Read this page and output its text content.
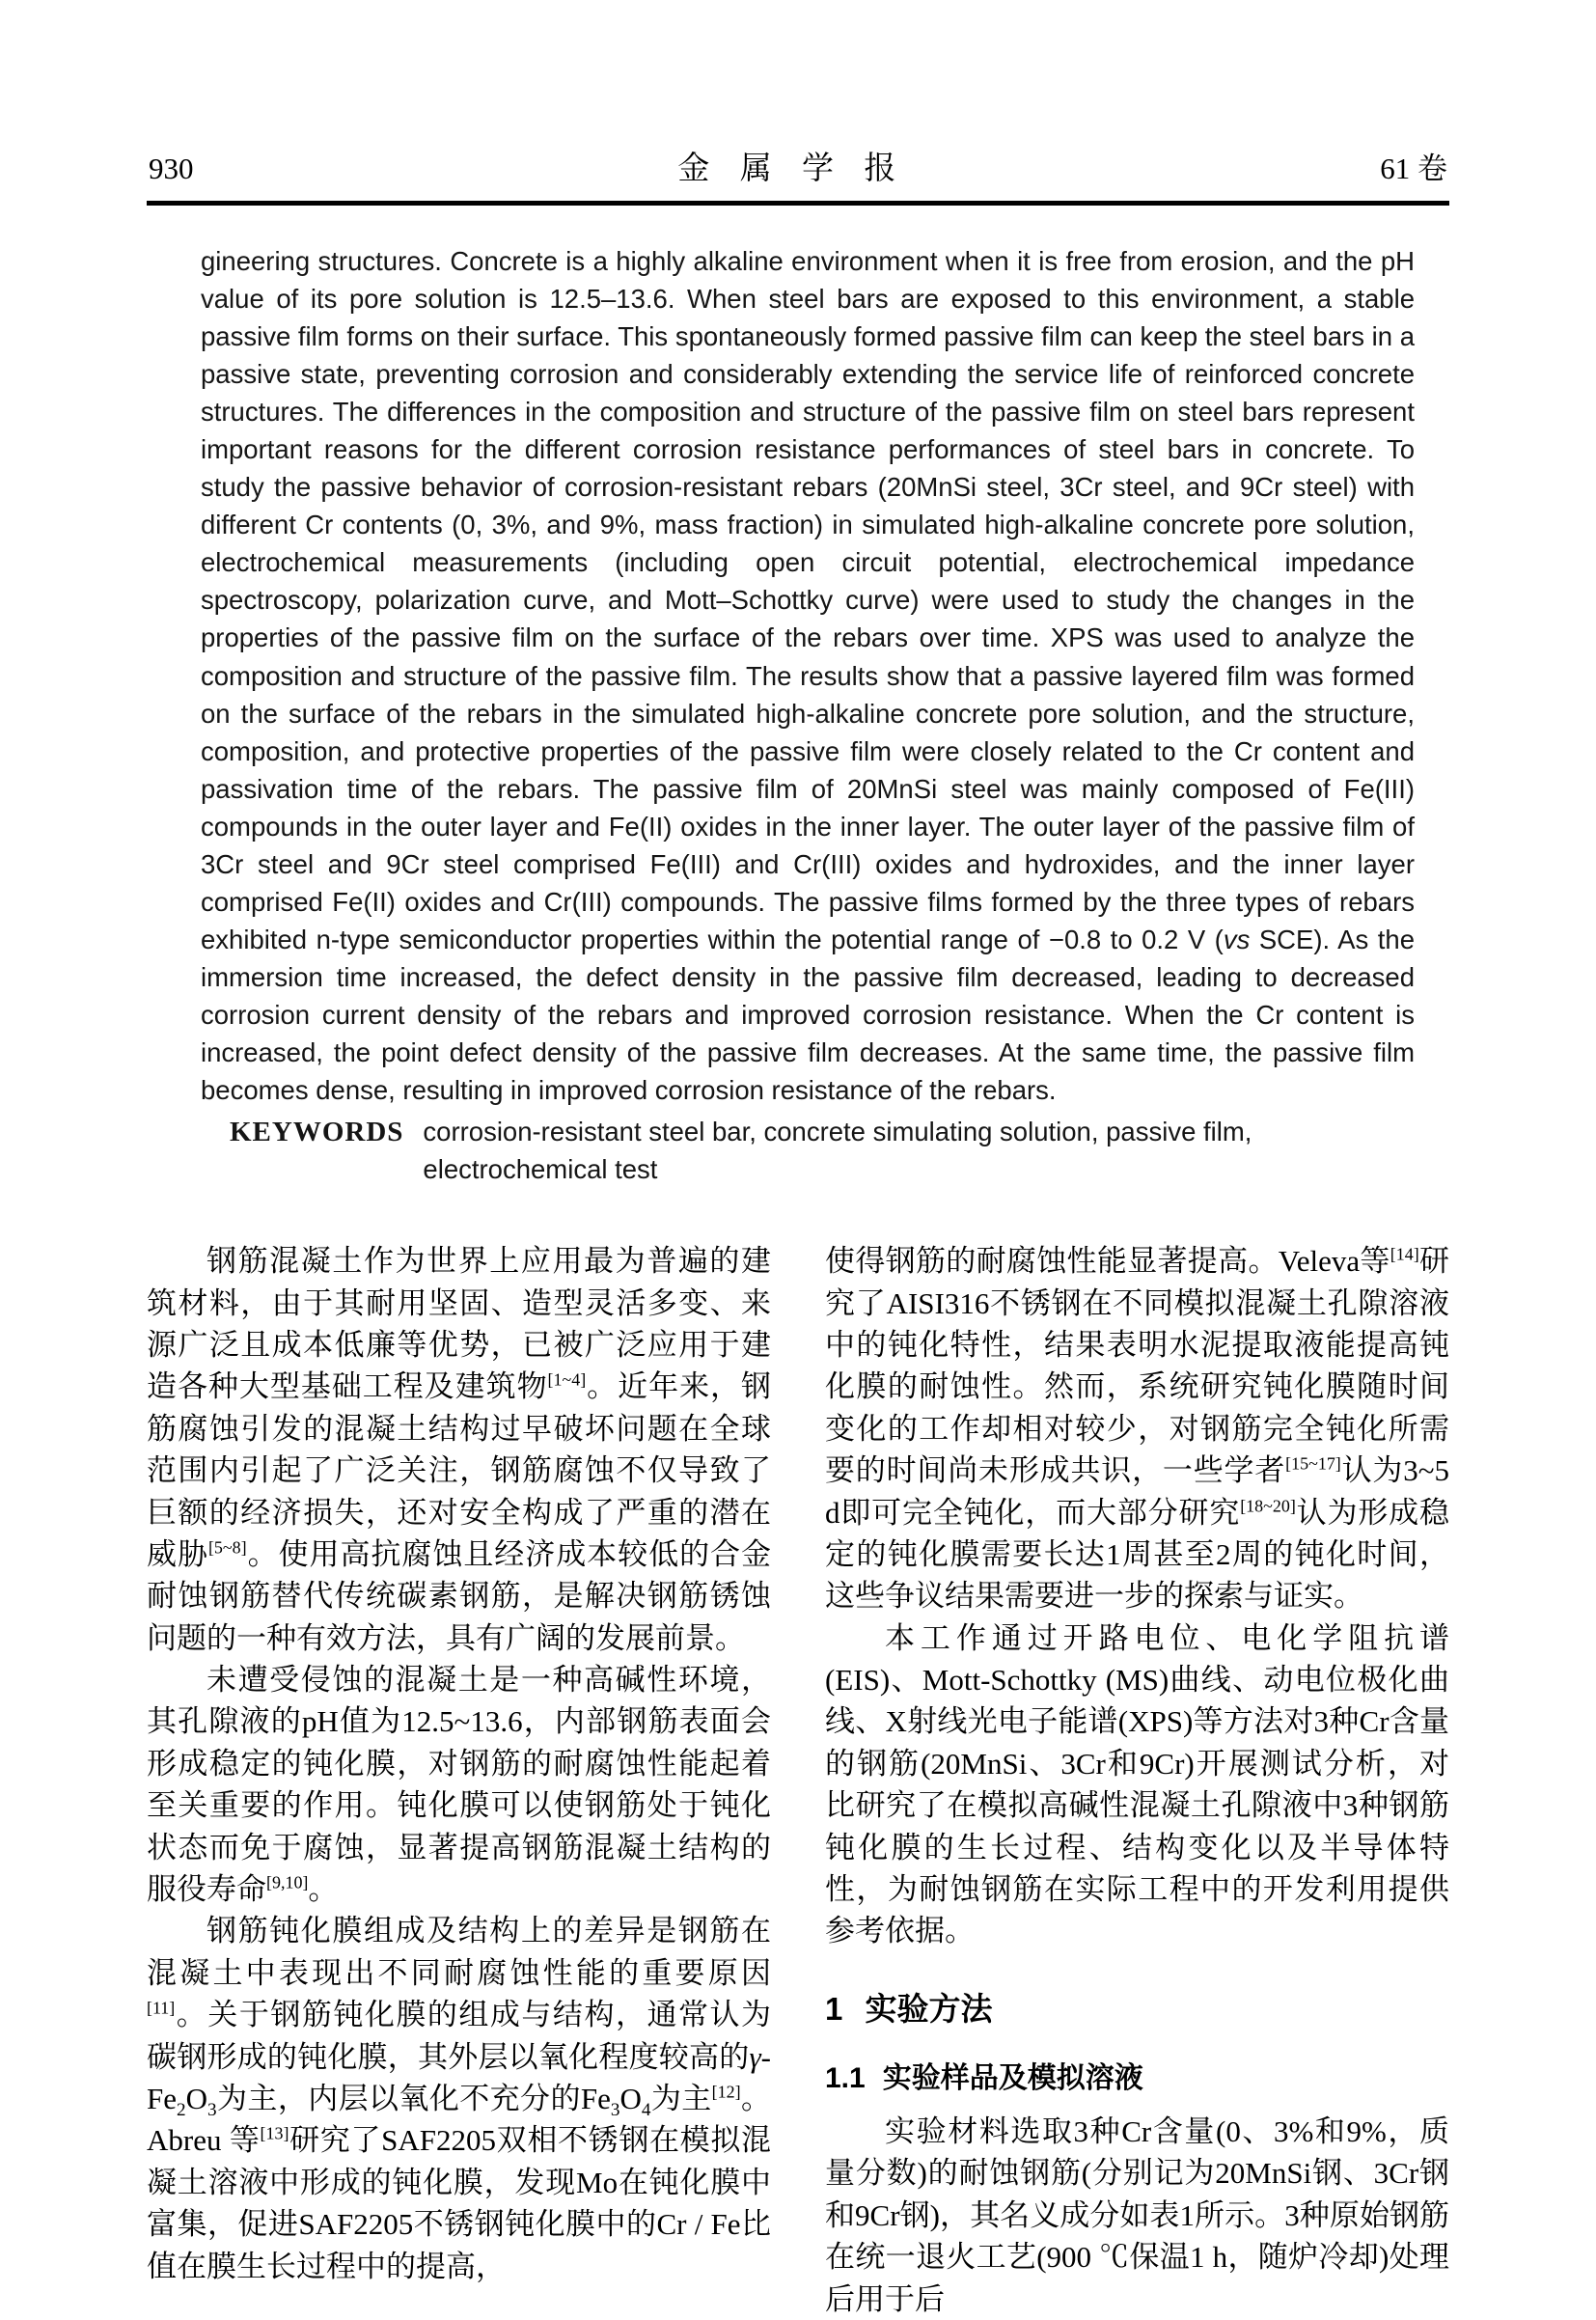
930	金属学报	61 卷
gineering structures. Concrete is a highly alkaline environment when it is free from erosion, and the pH value of its pore solution is 12.5–13.6. When steel bars are exposed to this environment, a stable passive film forms on their surface. This spontaneously formed passive film can keep the steel bars in a passive state, preventing corrosion and considerably extending the service life of reinforced concrete structures. The differences in the composition and structure of the passive film on steel bars represent important reasons for the different corrosion resistance performances of steel bars in concrete. To study the passive behavior of corrosion-resistant rebars (20MnSi steel, 3Cr steel, and 9Cr steel) with different Cr contents (0, 3%, and 9%, mass fraction) in simulated high-alkaline concrete pore solution, electrochemical measurements (including open circuit potential, electrochemical impedance spectroscopy, polarization curve, and Mott–Schottky curve) were used to study the changes in the properties of the passive film on the surface of the rebars over time. XPS was used to analyze the composition and structure of the passive film. The results show that a passive layered film was formed on the surface of the rebars in the simulated high-alkaline concrete pore solution, and the structure, composition, and protective properties of the passive film were closely related to the Cr content and passivation time of the rebars. The passive film of 20MnSi steel was mainly composed of Fe(III) compounds in the outer layer and Fe(II) oxides in the inner layer. The outer layer of the passive film of 3Cr steel and 9Cr steel comprised Fe(III) and Cr(III) oxides and hydroxides, and the inner layer comprised Fe(II) oxides and Cr(III) compounds. The passive films formed by the three types of rebars exhibited n-type semiconductor properties within the potential range of −0.8 to 0.2 V (vs SCE). As the immersion time increased, the defect density in the passive film decreased, leading to decreased corrosion current density of the rebars and improved corrosion resistance. When the Cr content is increased, the point defect density of the passive film decreases. At the same time, the passive film becomes dense, resulting in improved corrosion resistance of the rebars.
KEYWORDS corrosion-resistant steel bar, concrete simulating solution, passive film, electrochemical test

钢筋混凝土作为世界上应用最为普遍的建筑材料，由于其耐用坚固、造型灵活多变、来源广泛且成本低廉等优势，已被广泛应用于建造各种大型基础工程及建筑物[1~4]。近年来，钢筋腐蚀引发的混凝土结构过早破坏问题在全球范围内引起了广泛关注，钢筋腐蚀不仅导致了巨额的经济损失，还对安全构成了严重的潜在威胁[5~8]。使用高抗腐蚀且经济成本较低的合金耐蚀钢筋替代传统碳素钢筋，是解决钢筋锈蚀问题的一种有效方法，具有广阔的发展前景。

未遭受侵蚀的混凝土是一种高碱性环境，其孔隙液的pH值为12.5~13.6，内部钢筋表面会形成稳定的钝化膜，对钢筋的耐腐蚀性能起着至关重要的作用。钝化膜可以使钢筋处于钝化状态而免于腐蚀，显著提高钢筋混凝土结构的服役寿命[9,10]。

钢筋钝化膜组成及结构上的差异是钢筋在混凝土中表现出不同耐腐蚀性能的重要原因[11]。关于钢筋钝化膜的组成与结构，通常认为碳钢形成的钝化膜，其外层以氧化程度较高的$\gamma-Fe_2O_3$为主，内层以氧化不充分的$Fe_3O_4$为主[12]。Abreu 等[13]研究了SAF2205双相不锈钢在模拟混凝土溶液中形成的钝化膜，发现Mo在钝化膜中富集，促进SAF2205不锈钢钝化膜中的Cr / Fe比值在膜生长过程中的提高，

使得钢筋的耐腐蚀性能显著提高。Veleva等[14]研究了AISI316不锈钢在不同模拟混凝土孔隙溶液中的钝化特性，结果表明水泥提取液能提高钝化膜的耐蚀性。然而，系统研究钝化膜随时间变化的工作却相对较少，对钢筋完全钝化所需要的时间尚未形成共识，一些学者[15~17]认为3~5 d即可完全钝化，而大部分研究[18~20]认为形成稳定的钝化膜需要长达1周甚至2周的钝化时间，这些争议结果需要进一步的探索与证实。

本工作通过开路电位、电化学阻抗谱(EIS)、Mott-Schottky (MS)曲线、动电位极化曲线、X射线光电子能谱(XPS)等方法对3种Cr含量的钢筋(20MnSi、3Cr和9Cr)开展测试分析，对比研究了在模拟高碱性混凝土孔隙液中3种钢筋钝化膜的生长过程、结构变化以及半导体特性，为耐蚀钢筋在实际工程中的开发利用提供参考依据。

1 实验方法
1.1 实验样品及模拟溶液

实验材料选取3种Cr含量(0、3%和9%，质量分数)的耐蚀钢筋(分别记为20MnSi钢、3Cr钢和9Cr钢)，其名义成分如表1所示。3种原始钢筋在统一退火工艺(900 ℃保温1 h，随炉冷却)处理后用于后
